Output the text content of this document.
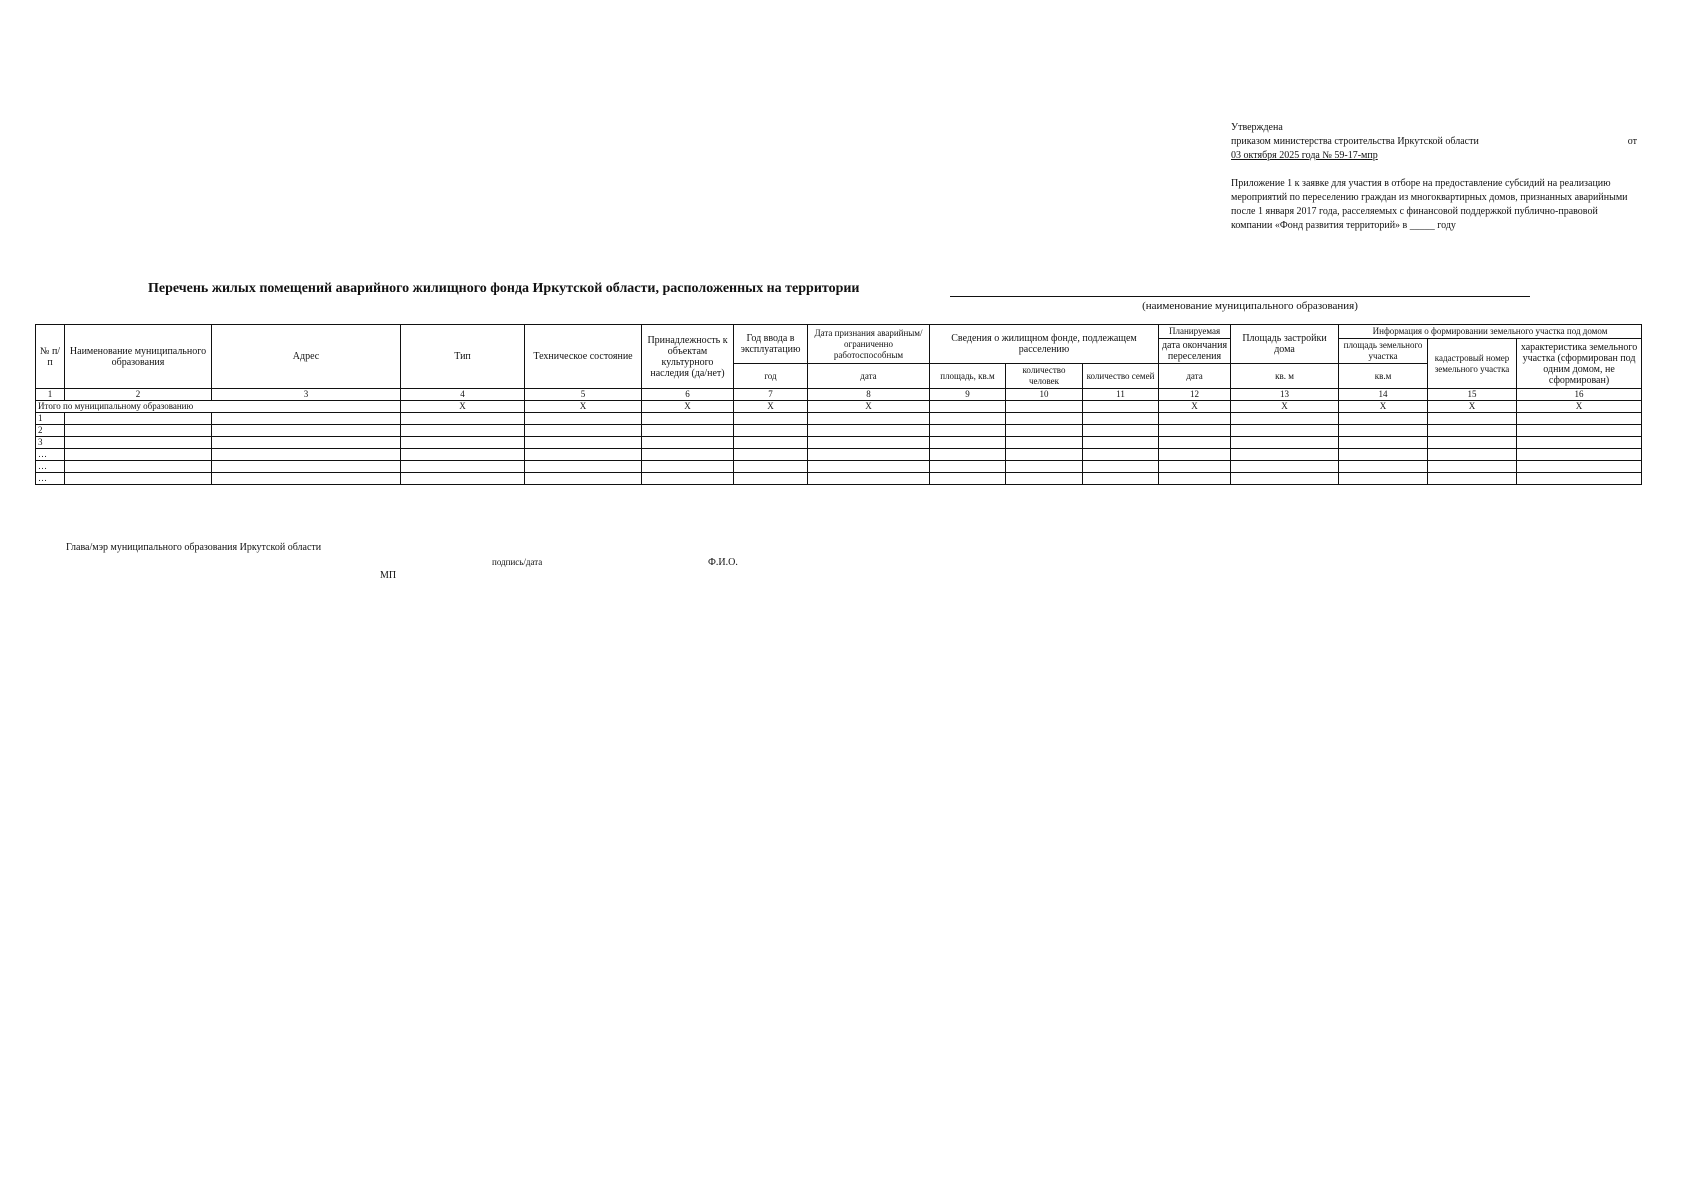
Утверждена
приказом министерства строительства Иркутской области	от
03 октября 2025 года № 59-17-мпр
Приложение 1 к заявке для участия в отборе на предоставление субсидий на реализацию мероприятий по переселению граждан из многоквартирных домов, признанных аварийными после 1 января 2017 года, расселяемых с финансовой поддержкой публично-правовой компании «Фонд развития территорий» в _____ году
Перечень жилых помещений аварийного жилищного фонда Иркутской области, расположенных на территории
(наименование муниципального образования)
№ п/п	Наименование муниципального образования	Адрес	Тип	Техническое состояние	Принадлежность к объектам культурного наследия (да/нет)	Год ввода в эксплуатацию	Дата признания аварийным/ограниченно работоспособным	Сведения о жилищном фонде, подлежащем расселению			Планируемая	Площадь застройки дома	Информация о формировании земельного участка под домом		
											дата окончания переселения		площадь земельного участка	кадастровый номер земельного участка	характеристика земельного участка (сформирован под одним домом, не сформирован)
						год	дата	площадь, кв.м	количество человек	количество семей	дата	кв. м	кв.м		
1	2	3	4	5	6	7	8	9	10	11	12	13	14	15	16
Итого по муниципальному образованию			X	X	X	X	X				X	X	X	X	X
1															
2															
3															
…															
…															
…															
Глава/мэр муниципального образования Иркутской области
подпись/дата	Ф.И.О.
МП
